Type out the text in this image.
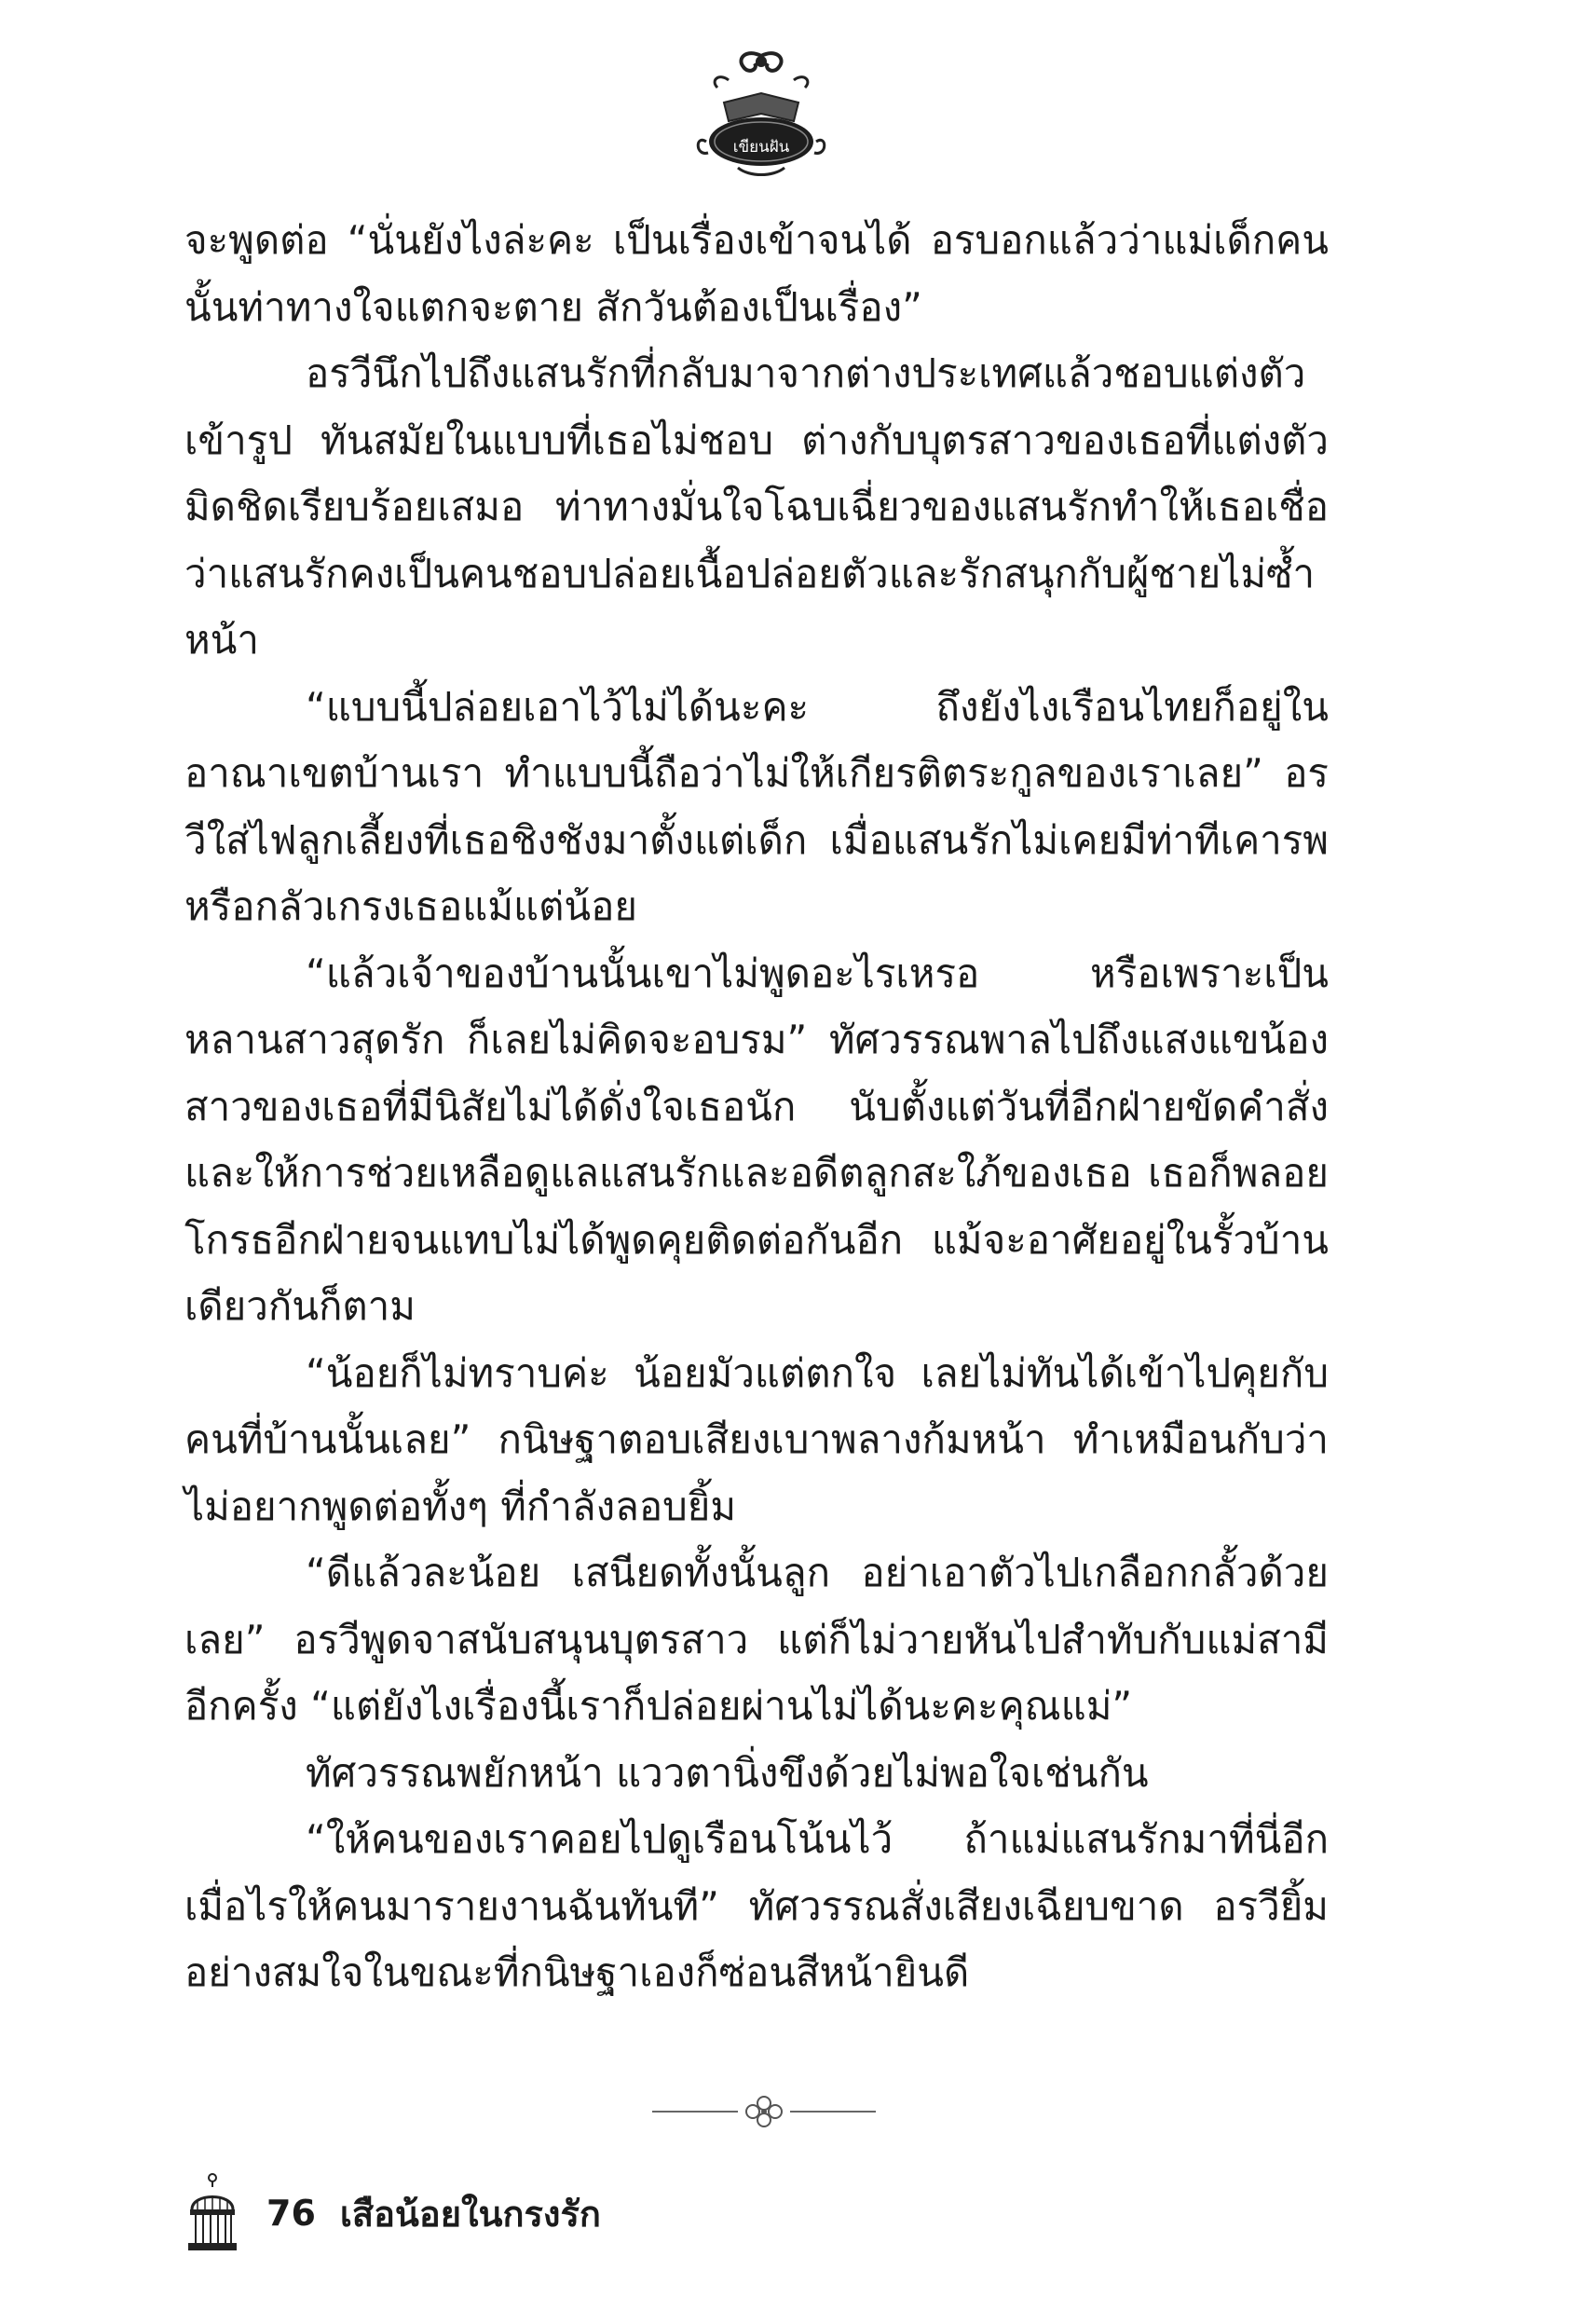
เขียนฝัน

จะพูดต่อ “นั่นยังไงล่ะคะ เป็นเรื่องเข้าจนได้ อรบอกแล้วว่าแม่เด็กคนนั้นท่าทางใจแตกจะตาย สักวันต้องเป็นเรื่อง”

อรวีนึกไปถึงแสนรักที่กลับมาจากต่างประเทศแล้วชอบแต่งตัวเข้ารูป ทันสมัยในแบบที่เธอไม่ชอบ ต่างกับบุตรสาวของเธอที่แต่งตัวมิดชิดเรียบร้อยเสมอ ท่าทางมั่นใจโฉบเฉี่ยวของแสนรักทำให้เธอเชื่อว่าแสนรักคงเป็นคนชอบปล่อยเนื้อปล่อยตัวและรักสนุกกับผู้ชายไม่ซ้ำหน้า

“แบบนี้ปล่อยเอาไว้ไม่ได้นะคะ ถึงยังไงเรือนไทยก็อยู่ในอาณาเขตบ้านเรา ทำแบบนี้ถือว่าไม่ให้เกียรติตระกูลของเราเลย” อรวีใส่ไฟลูกเลี้ยงที่เธอชิงชังมาตั้งแต่เด็ก เมื่อแสนรักไม่เคยมีท่าทีเคารพหรือกลัวเกรงเธอแม้แต่น้อย

“แล้วเจ้าของบ้านนั้นเขาไม่พูดอะไรเหรอ หรือเพราะเป็นหลานสาวสุดรัก ก็เลยไม่คิดจะอบรม” ทัศวรรณพาลไปถึงแสงแขน้องสาวของเธอที่มีนิสัยไม่ได้ดั่งใจเธอนัก นับตั้งแต่วันที่อีกฝ่ายขัดคำสั่งและให้การช่วยเหลือดูแลแสนรักและอดีตลูกสะใภ้ของเธอ เธอก็พลอยโกรธอีกฝ่ายจนแทบไม่ได้พูดคุยติดต่อกันอีก แม้จะอาศัยอยู่ในรั้วบ้านเดียวกันก็ตาม

“น้อยก็ไม่ทราบค่ะ น้อยมัวแต่ตกใจ เลยไม่ทันได้เข้าไปคุยกับคนที่บ้านนั้นเลย” กนิษฐาตอบเสียงเบาพลางก้มหน้า ทำเหมือนกับว่าไม่อยากพูดต่อทั้งๆ ที่กำลังลอบยิ้ม

“ดีแล้วละน้อย เสนียดทั้งนั้นลูก อย่าเอาตัวไปเกลือกกลั้วด้วยเลย” อรวีพูดจาสนับสนุนบุตรสาว แต่ก็ไม่วายหันไปสำทับกับแม่สามีอีกครั้ง “แต่ยังไงเรื่องนี้เราก็ปล่อยผ่านไม่ได้นะคะคุณแม่”

ทัศวรรณพยักหน้า แววตานิ่งขึงด้วยไม่พอใจเช่นกัน

“ให้คนของเราคอยไปดูเรือนโน้นไว้ ถ้าแม่แสนรักมาที่นี่อีกเมื่อไรให้คนมารายงานฉันทันที” ทัศวรรณสั่งเสียงเฉียบขาด อรวียิ้มอย่างสมใจในขณะที่กนิษฐาเองก็ซ่อนสีหน้ายินดี

76 เสือน้อยในกรงรัก
